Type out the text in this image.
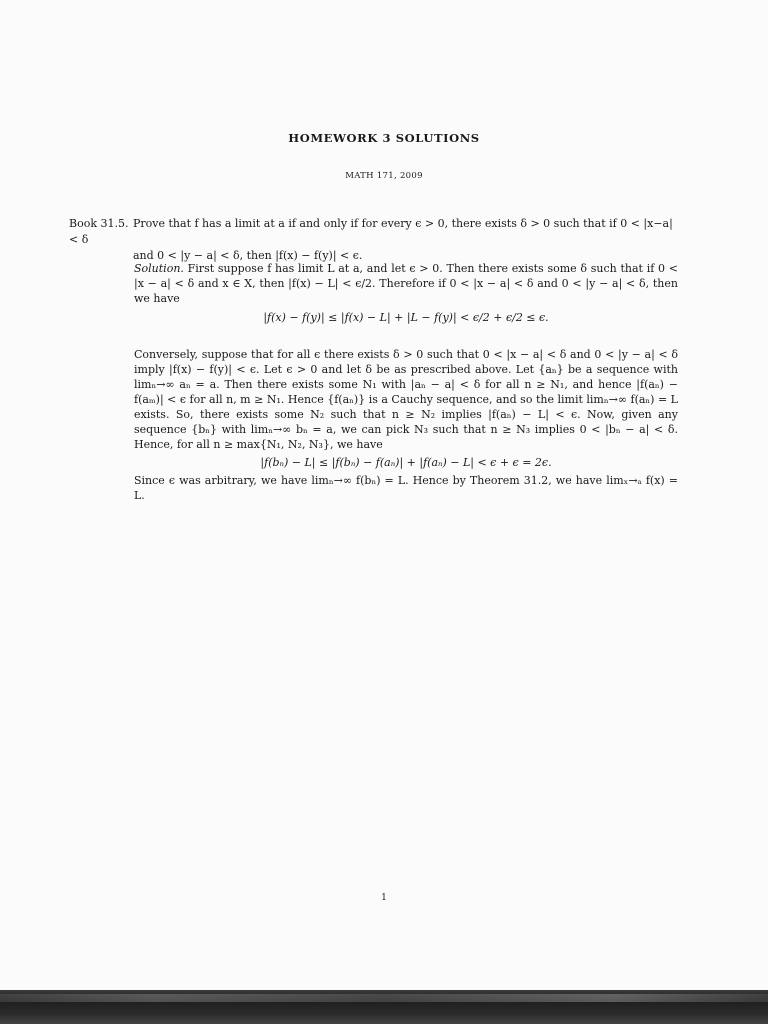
HOMEWORK 3 SOLUTIONS
MATH 171, 2009
Book 31.5. Prove that f has a limit at a if and only if for every ϵ > 0, there exists δ > 0 such that if 0 < |x−a| < δ
and 0 < |y − a| < δ, then |f(x) − f(y)| < ϵ.

Solution. First suppose f has limit L at a, and let ϵ > 0. Then there exists some δ such that if 0 < |x − a| < δ and x ∈ X, then |f(x) − L| < ϵ/2. Therefore if 0 < |x − a| < δ and 0 < |y − a| < δ, then we have

|f(x) − f(y)| ≤ |f(x) − L| + |L − f(y)| < ϵ/2 + ϵ/2 ≤ ϵ.

Conversely, suppose that for all ϵ there exists δ > 0 such that 0 < |x − a| < δ and 0 < |y − a| < δ imply |f(x) − f(y)| < ϵ. Let ϵ > 0 and let δ be as prescribed above. Let {aₙ} be a sequence with limₙ→∞ aₙ = a. Then there exists some N₁ with |aₙ − a| < δ for all n ≥ N₁, and hence |f(aₙ) − f(aₘ)| < ϵ for all n, m ≥ N₁. Hence {f(aₙ)} is a Cauchy sequence, and so the limit limₙ→∞ f(aₙ) = L exists. So, there exists some N₂ such that n ≥ N₂ implies |f(aₙ) − L| < ϵ. Now, given any sequence {bₙ} with limₙ→∞ bₙ = a, we can pick N₃ such that n ≥ N₃ implies 0 < |bₙ − a| < δ. Hence, for all n ≥ max{N₁, N₂, N₃}, we have

|f(bₙ) − L| ≤ |f(bₙ) − f(aₙ)| + |f(aₙ) − L| < ϵ + ϵ = 2ϵ.

Since ϵ was arbitrary, we have limₙ→∞ f(bₙ) = L. Hence by Theorem 31.2, we have limₓ→ₐ f(x) = L.

1
